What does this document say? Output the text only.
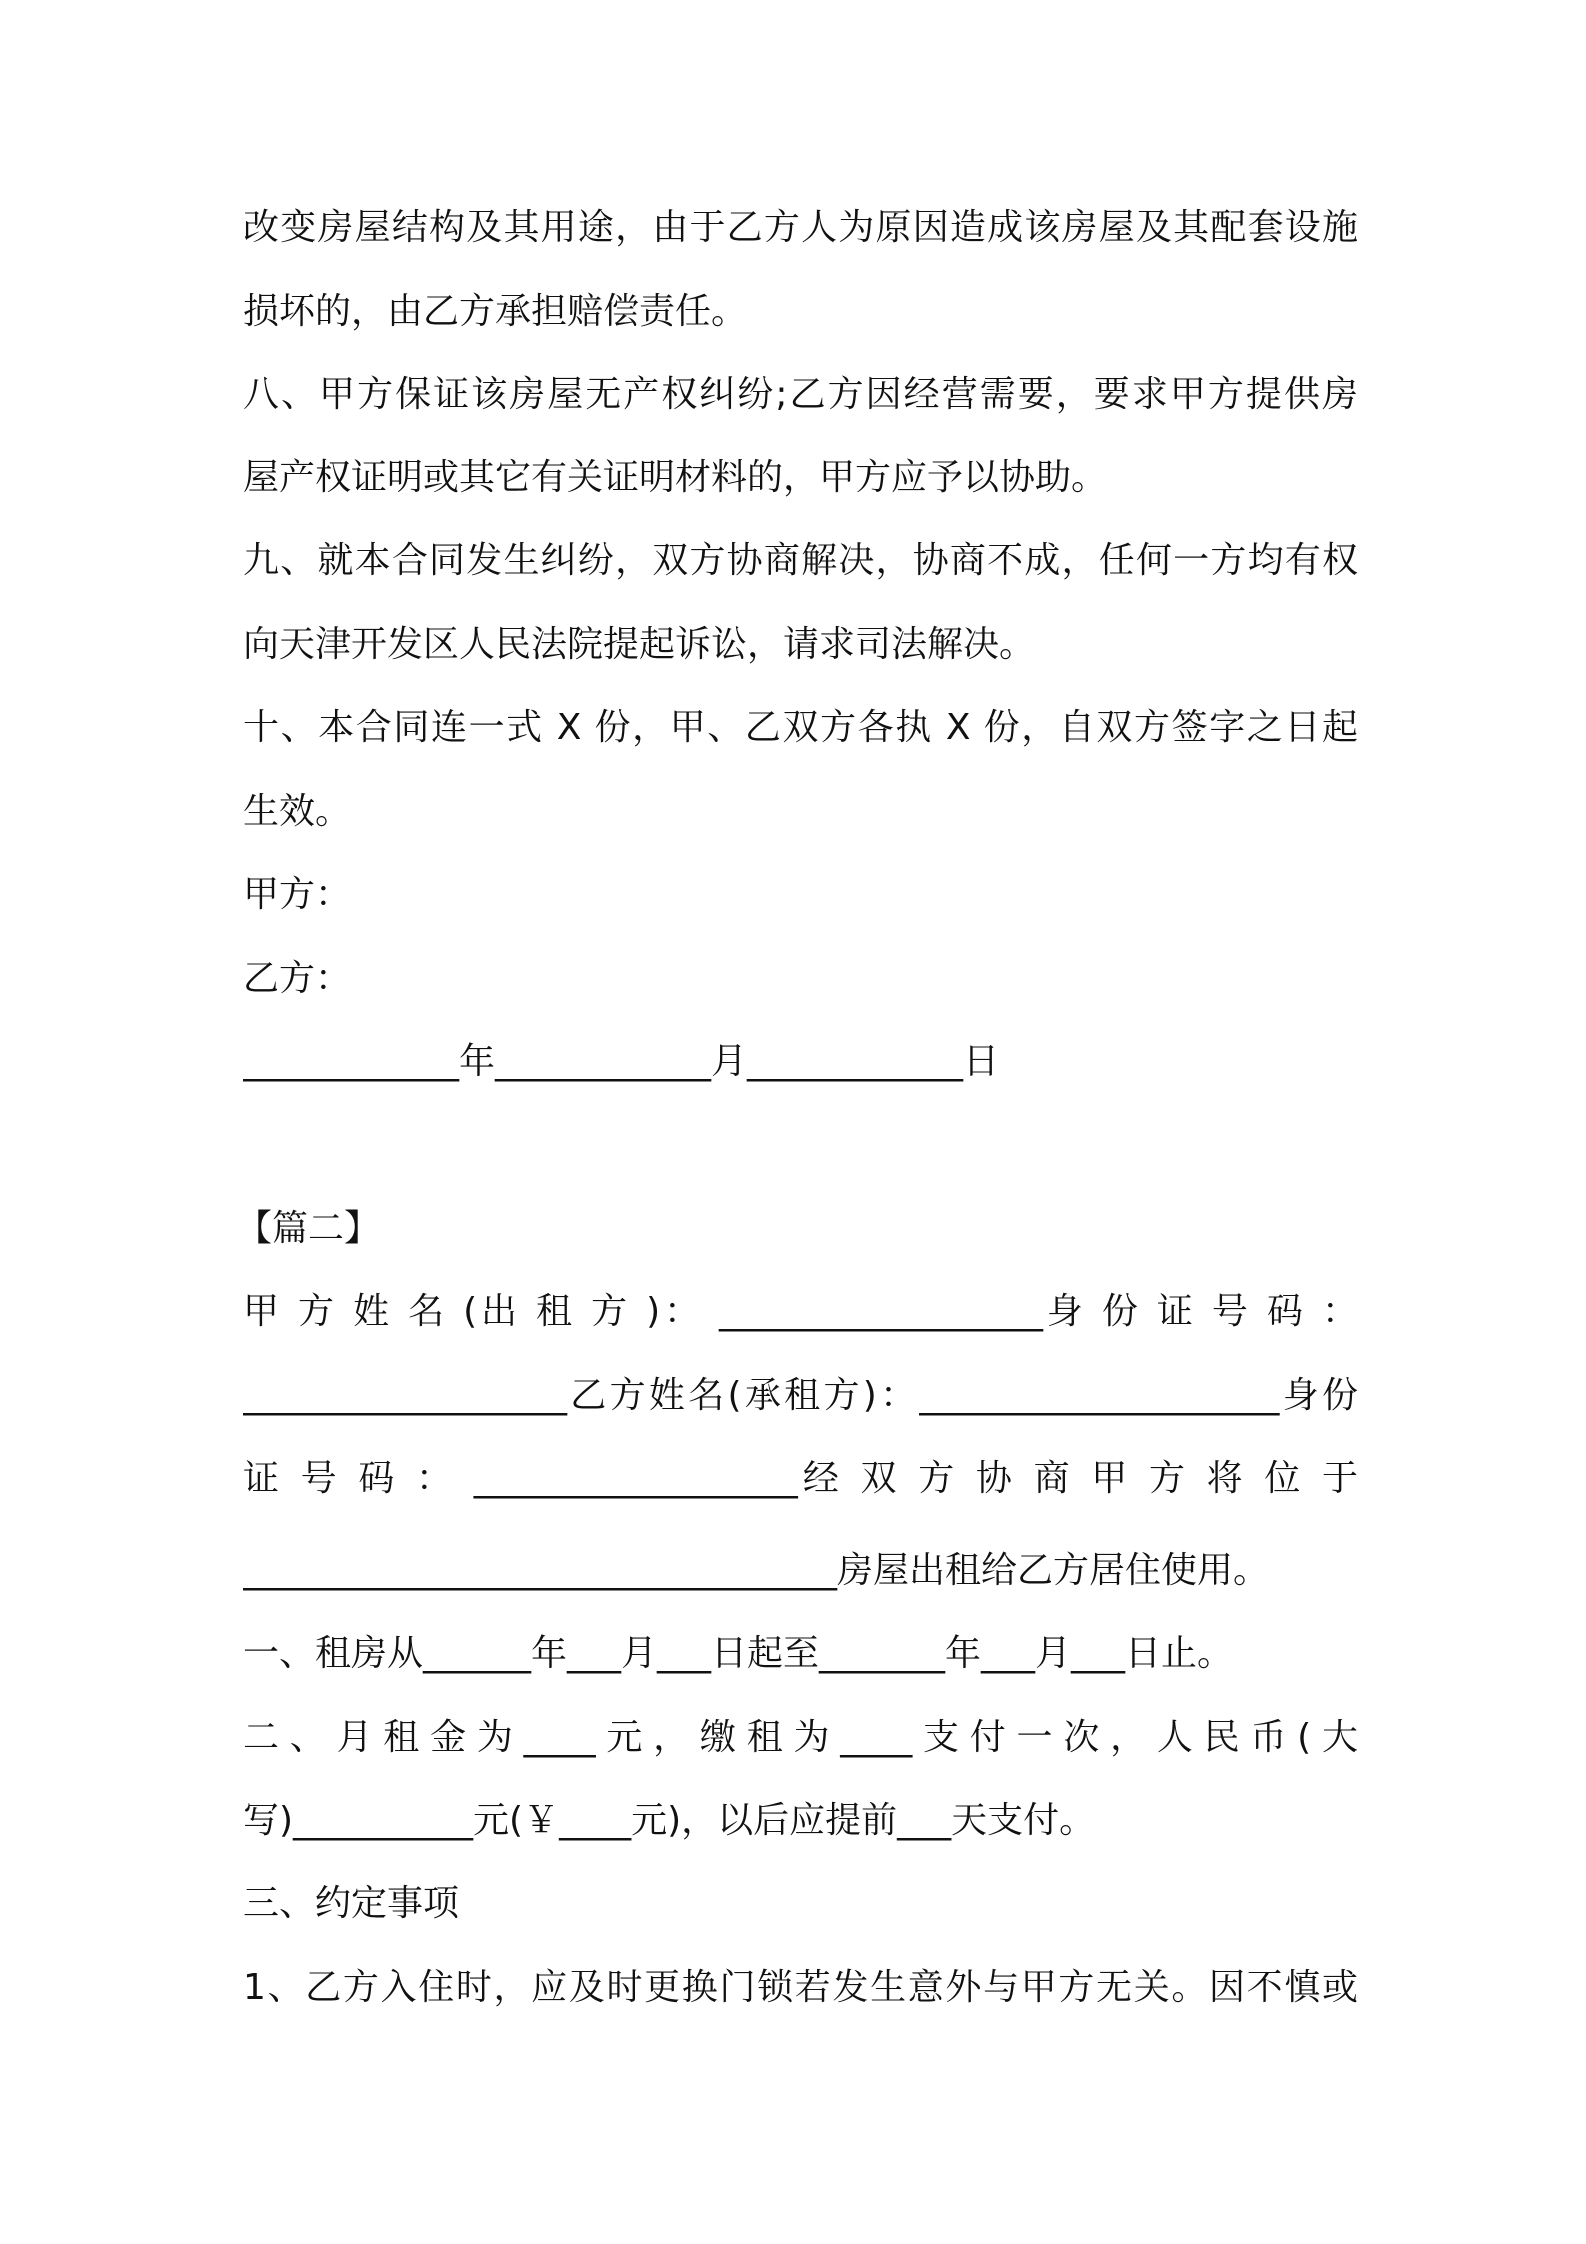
改变房屋结构及其用途，由于乙方人为原因造成该房屋及其配套设施
损坏的，由乙方承担赔偿责任。
八、甲方保证该房屋无产权纠纷;乙方因经营需要，要求甲方提供房
屋产权证明或其它有关证明材料的，甲方应予以协助。
九、就本合同发生纠纷，双方协商解决，协商不成，任何一方均有权
向天津开发区人民法院提起诉讼，请求司法解决。
十、本合同连一式 X 份，甲、乙双方各执 X 份，自双方签字之日起
生效。
甲方：
乙方：
____________年____________月____________日
【篇二】
甲 方 姓 名 (出 租 方 )： __________________身 份 证 号 码 ：
__________________乙方姓名(承租方)：____________________身份
证 号 码 ： __________________经 双 方 协 商 甲 方 将 位 于
_________________________________房屋出租给乙方居住使用。
一、租房从______年___月___日起至_______年___月___日止。
二、月租金为____元，缴租为____支付一次，人民币(大
写)__________元(￥____元)，以后应提前___天支付。
三、约定事项
1、乙方入住时，应及时更换门锁若发生意外与甲方无关。因不慎或
